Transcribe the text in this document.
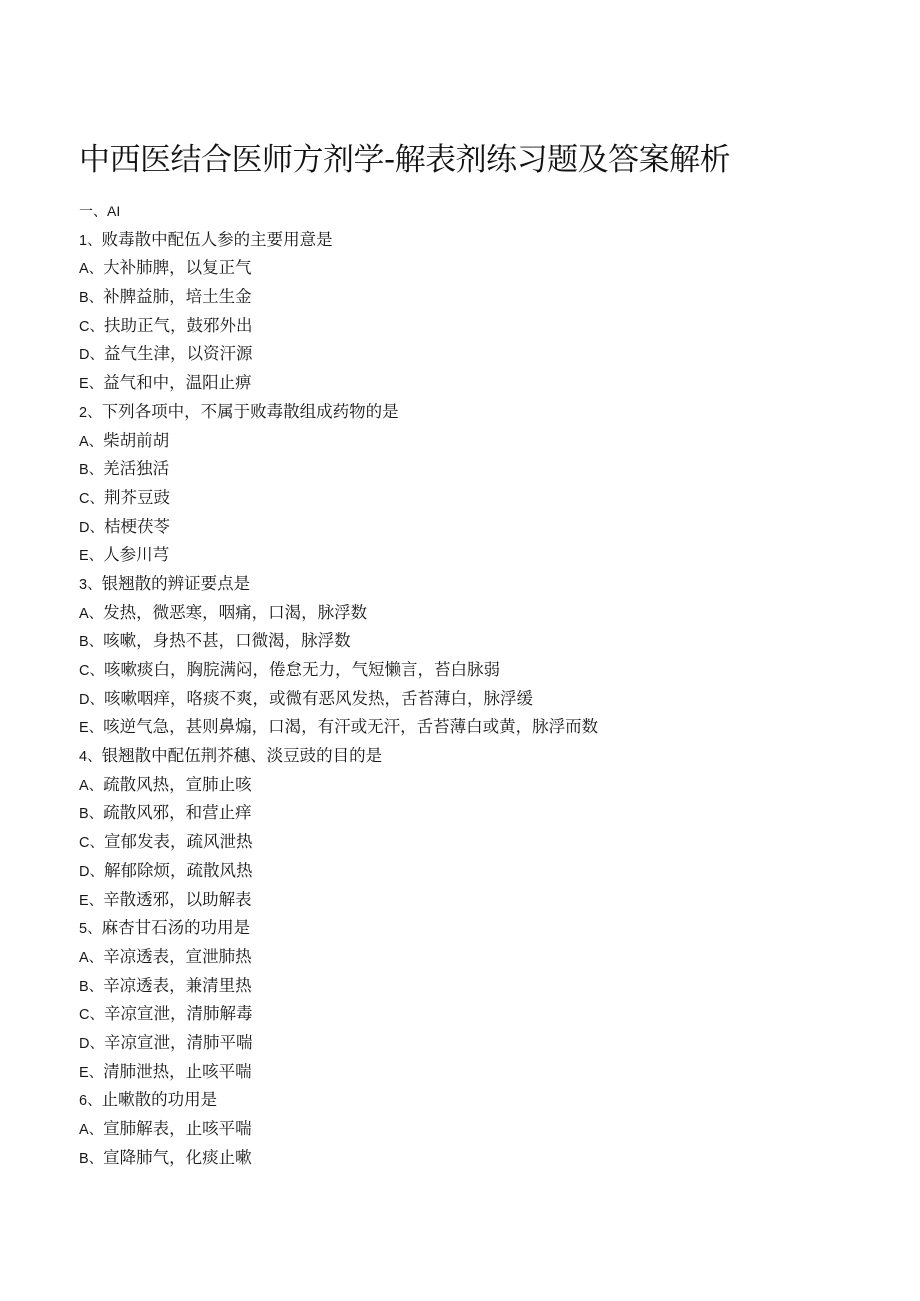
中西医结合医师方剂学-解表剂练习题及答案解析
一、AI
1、败毒散中配伍人参的主要用意是
A、大补肺脾，以复正气
B、补脾益肺，培土生金
C、扶助正气，鼓邪外出
D、益气生津，以资汗源
E、益气和中，温阳止痹
2、下列各项中，不属于败毒散组成药物的是
A、柴胡前胡
B、羌活独活
C、荆芥豆豉
D、桔梗茯苓
E、人参川芎
3、银翘散的辨证要点是
A、发热，微恶寒，咽痛，口渴，脉浮数
B、咳嗽，身热不甚，口微渴，脉浮数
C、咳嗽痰白，胸脘满闷，倦怠无力，气短懒言，苔白脉弱
D、咳嗽咽痒，咯痰不爽，或微有恶风发热，舌苔薄白，脉浮缓
E、咳逆气急，甚则鼻煽，口渴，有汗或无汗，舌苔薄白或黄，脉浮而数
4、银翘散中配伍荆芥穗、淡豆豉的目的是
A、疏散风热，宣肺止咳
B、疏散风邪，和营止痒
C、宣郁发表，疏风泄热
D、解郁除烦，疏散风热
E、辛散透邪，以助解表
5、麻杏甘石汤的功用是
A、辛凉透表，宣泄肺热
B、辛凉透表，兼清里热
C、辛凉宣泄，清肺解毒
D、辛凉宣泄，清肺平喘
E、清肺泄热，止咳平喘
6、止嗽散的功用是
A、宣肺解表，止咳平喘
B、宣降肺气，化痰止嗽
